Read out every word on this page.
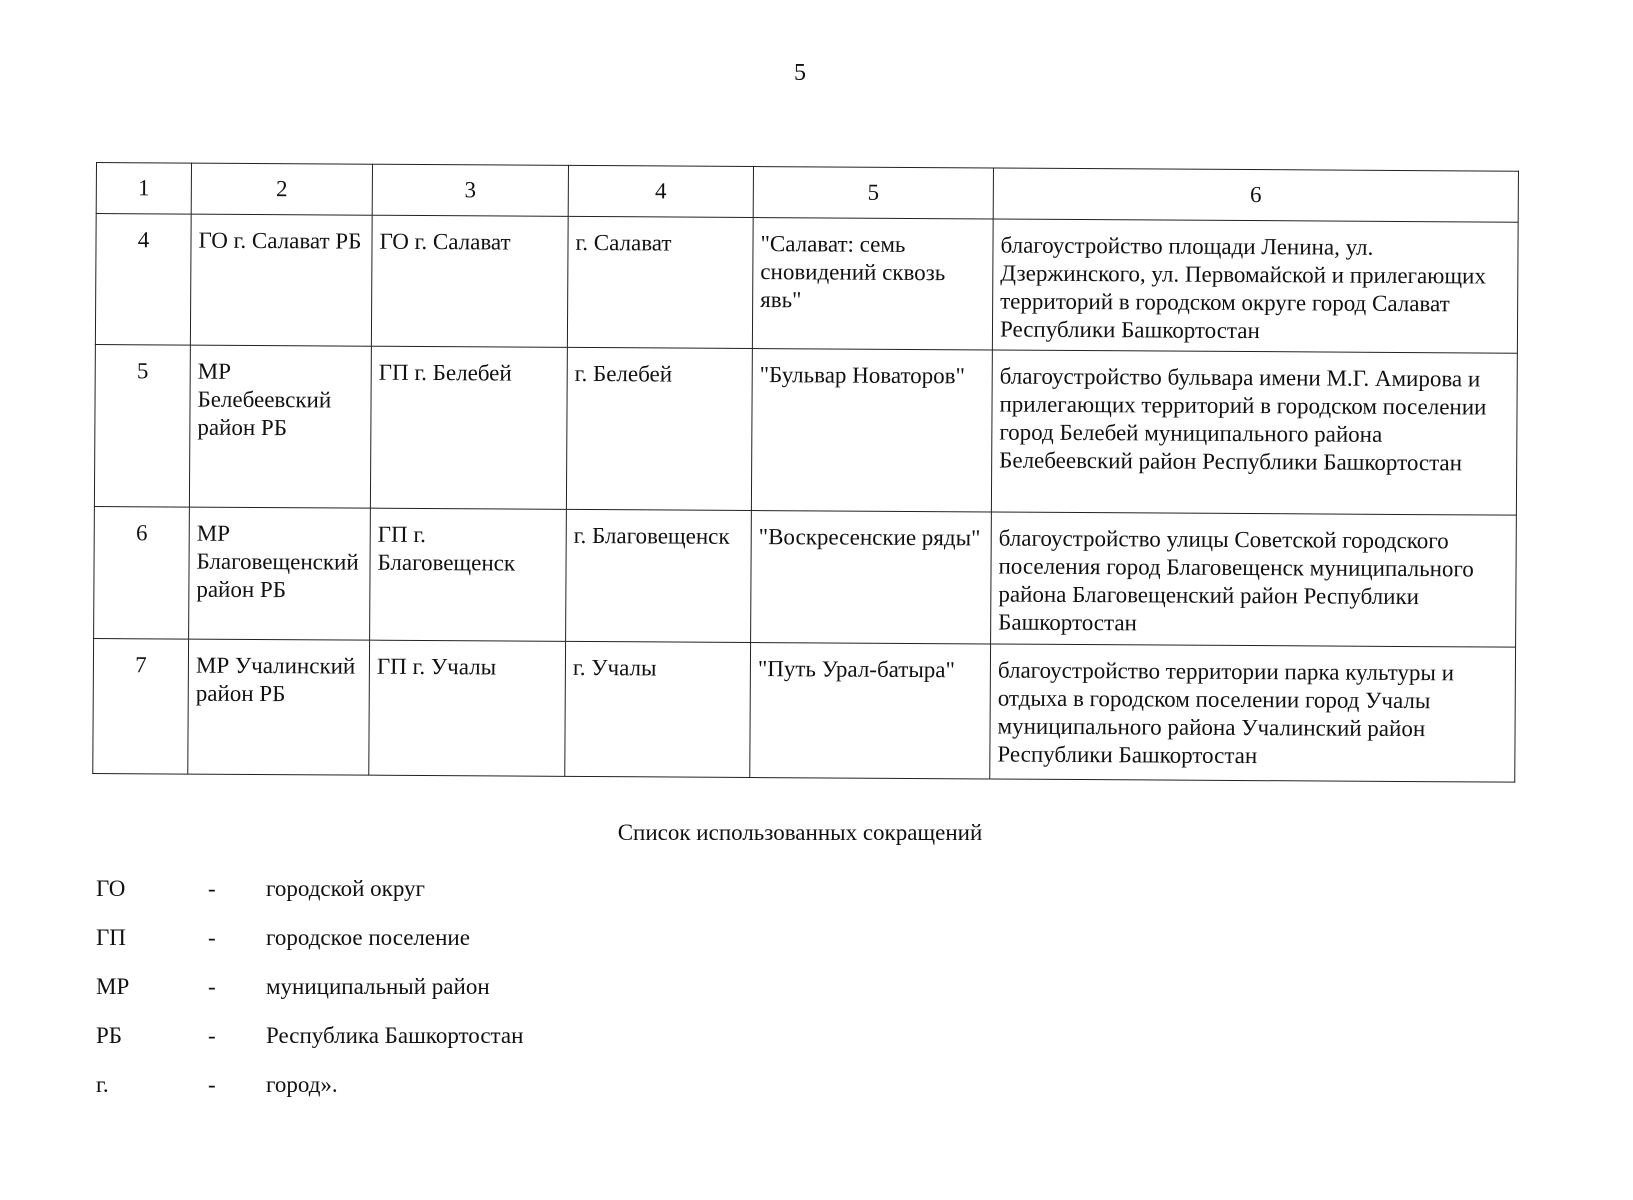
5
1	2	3	4	5	6
4	ГО г. Салават РБ	ГО г. Салават	г. Салават	"Салават: семь сновидений сквозь явь"	благоустройство площади Ленина, ул. Дзержинского, ул. Первомайской и прилегающих территорий в городском округе город Салават Республики Башкортостан
5	МР Белебеевский район РБ	ГП г. Белебей	г. Белебей	"Бульвар Новаторов"	благоустройство бульвара имени М.Г. Амирова и прилегающих территорий в городском поселении город Белебей муниципального района Белебеевский район Республики Башкортостан
6	МР Благовещенский район РБ	ГП г. Благовещенск	г. Благовещенск	"Воскресенские ряды"	благоустройство улицы Советской городского поселения город Благовещенск муниципального района Благовещенский район Республики Башкортостан
7	МР Учалинский район РБ	ГП г. Учалы	г. Учалы	"Путь Урал-батыра"	благоустройство территории парка культуры и отдыха в городском поселении город Учалы муниципального района Учалинский район Республики Башкортостан
Список использованных сокращений
ГО	- городской округ
ГП	- городское поселение
МР	- муниципальный район
РБ	- Республика Башкортостан
г.	- город».
